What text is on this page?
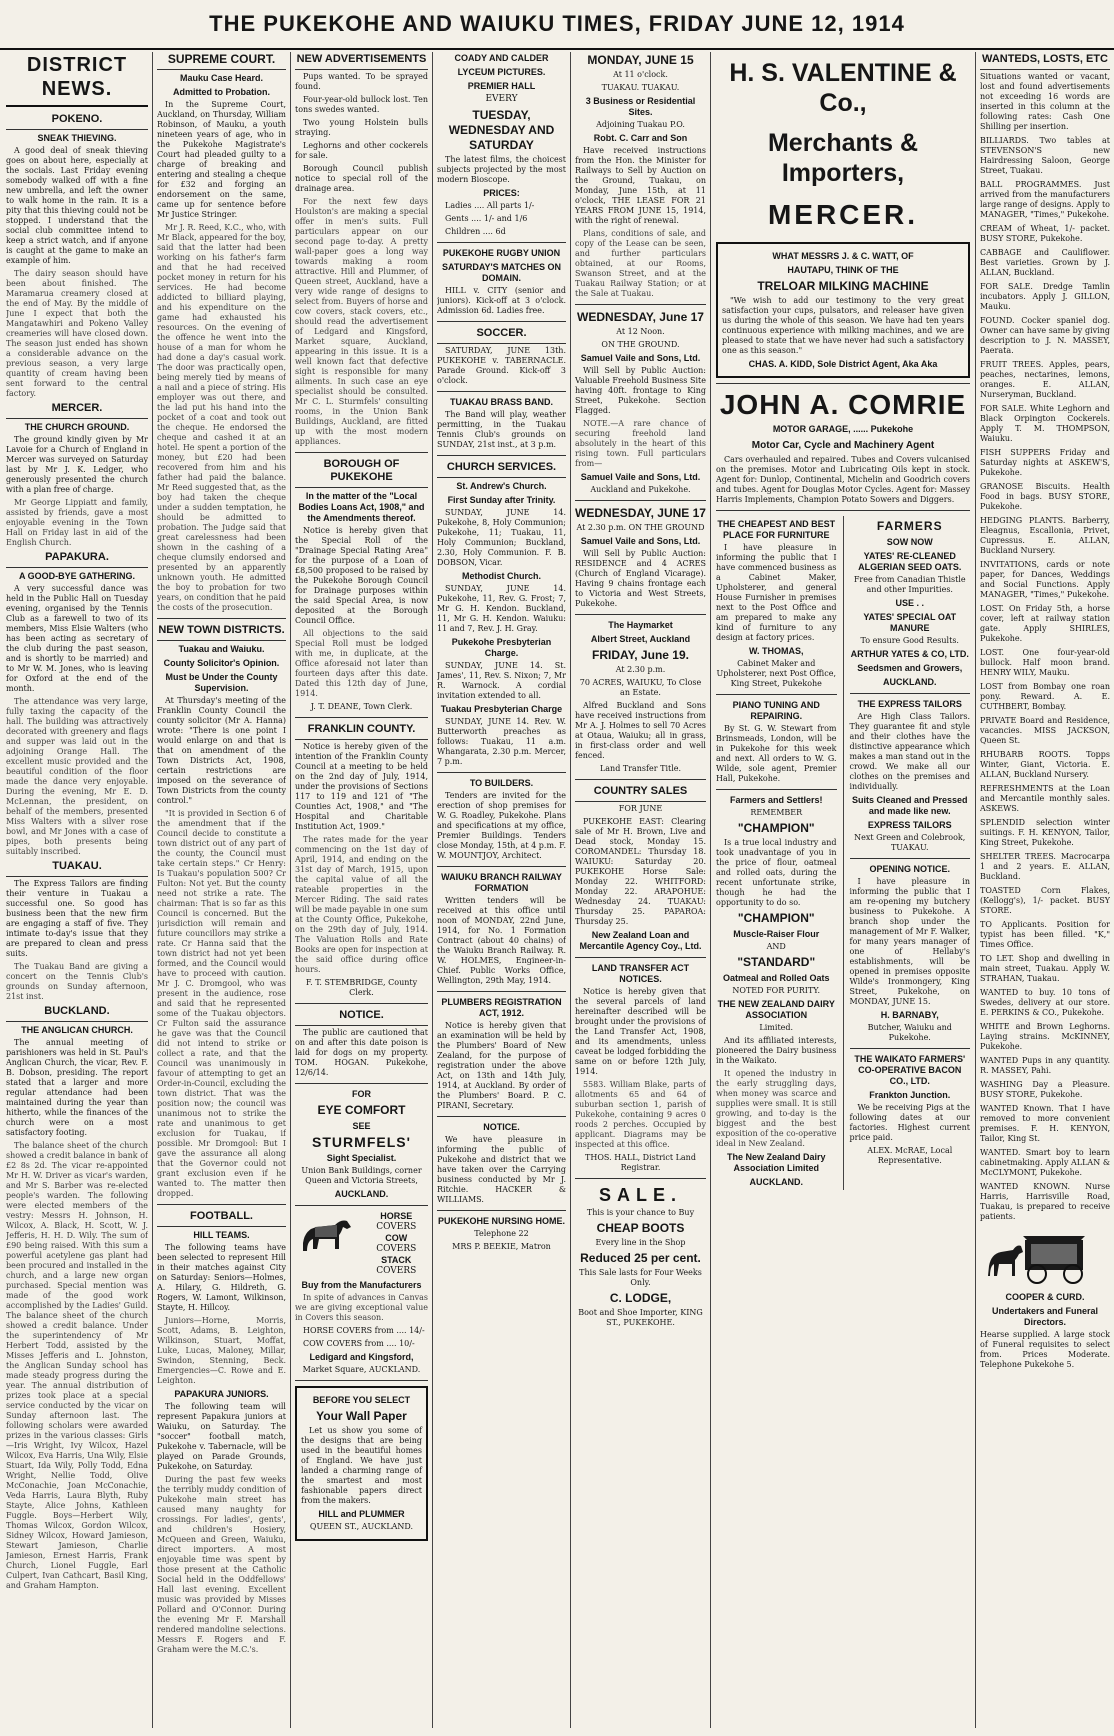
THE PUKEKOHE AND WAIUKU TIMES, FRIDAY JUNE 12, 1914
DISTRICT NEWS.
POKENO.
SNEAK THIEVING.

A good deal of sneak thieving goes on about here, especially at the socials. Last Friday evening somebody walked off with a fine new umbrella, and left the owner to walk home in the rain. It is a pity that this thieving could not be stopped. I understand that the social club committee intend to keep a strict watch, and if anyone is caught at the game to make an example of him.

The dairy season should have been about finished. The Maramarua creamery closed at the end of May. By the middle of June I expect that both the Mangatawhiri and Pokeno Valley creameries will have closed down. The season just ended has shown a considerable advance on the previous season, a very large quantity of cream having been sent forward to the central factory.

MERCER.
THE CHURCH GROUND.

The ground kindly given by Mr Lavoie for a Church of England in Mercer was surveyed on Saturday last by Mr J. K. Ledger, who generously presented the church with a plan free of charge.

Mr George Lippiatt and family, assisted by friends, gave a most enjoyable evening in the Town Hall on Friday last in aid of the English Church.

PAPAKURA.
A GOOD-BYE GATHERING.

A very successful dance was held in the Public Hall on Tuesday evening, organised by the Tennis Club as a farewell to two of its members, Miss Elsie Walters (who has been acting as secretary of the club during the past season, and is shortly to be married) and to Mr W. M. Jones, who is leaving for Oxford at the end of the month.

The attendance was very large, fully taxing the capacity of the hall. The building was attractively decorated with greenery and flags and supper was laid out in the adjoining Orange Hall. The excellent music provided and the beautiful condition of the floor made the dance very enjoyable. During the evening, Mr E. D. McLennan, the president, on behalf of the members, presented Miss Walters with a silver rose bowl, and Mr Jones with a case of pipes, both presents being suitably inscribed.

TUAKAU.

The Express Tailors are finding their venture in Tuakau a successful one. So good has business been that the new firm are engaging a staff of five. They intimate to-day's issue that they are prepared to clean and press suits.

The Tuakau Band are giving a concert on the Tennis Club's grounds on Sunday afternoon, 21st inst.

BUCKLAND.
THE ANGLICAN CHURCH.

The annual meeting of parishioners was held in St. Paul's Anglican Church, the vicar, Rev. F. B. Dobson, presiding. The report stated that a larger and more regular attendance had been maintained during the year than hitherto, while the finances of the church were on a most satisfactory footing.

The balance sheet of the church showed a credit balance in bank of £2 8s 2d. The vicar re-appointed Mr H. W. Driver as vicar's warden, and Mr S. Barber was re-elected people's warden. The following were elected members of the vestry: Messrs H. Johnson, H. Wilcox, A. Black, H. Scott, W. J. Jefferis, H. H. D. Wily. The sum of £90 being raised. With this sum a powerful acetylene gas plant had been procured and installed in the church, and a large new organ purchased. Special mention was made of the good work accomplished by the Ladies' Guild. The balance sheet of the church showed a credit balance. Under the superintendency of Mr Herbert Todd, assisted by the Misses Jefferis and L. Johnston, the Anglican Sunday school has made steady progress during the year. The annual distribution of prizes took place at a special service conducted by the vicar on Sunday afternoon last. The following scholars were awarded prizes in the various classes: Girls—Iris Wright, Ivy Wilcox, Hazel Wilcox, Eva Harris, Una Wily, Elsie Stuart, Ida Wily, Polly Todd, Edna Wright, Nellie Todd, Olive McConachie, Joan McConachie, Veda Harris, Laura Blyth, Ruby Stayte, Alice Johns, Kathleen Fuggle. Boys—Herbert Wily, Thomas Wilcox, Gordon Wilcox, Sidney Wilcox, Howard Jamieson, Stewart Jamieson, Charlie Jamieson, Ernest Harris, Frank Church, Lionel Fuggle, Earl Culpert, Ivan Cathcart, Basil King, and Graham Hampton.

SUPREME COURT.
Mauku Case Heard.
Admitted to Probation.

In the Supreme Court, Auckland, on Thursday, William Robinson, of Mauku, a youth nineteen years of age, who in the Pukekohe Magistrate's Court had pleaded guilty to a charge of breaking and entering and stealing a cheque for £32 and forging an endorsement on the same, came up for sentence before Mr Justice Stringer.

Mr J. R. Reed, K.C., who, with Mr Black, appeared for the boy, said that the latter had been working on his father's farm and that he had received pocket money in return for his services. He had become addicted to billiard playing, and his expenditure on the game had exhausted his resources. On the evening of the offence he went into the house of a man for whom he had done a day's casual work. The door was practically open, being merely tied by means of a nail and a piece of string. His employer was out there, and the lad put his hand into the pocket of a coat and took out the cheque. He endorsed the cheque and cashed it at an hotel. He spent a portion of the money, but £20 had been recovered from him and his father had paid the balance. Mr Reed suggested that, as the boy had taken the cheque under a sudden temptation, he should be admitted to probation. The Judge said that great carelessness had been shown in the cashing of a cheque clumsily endorsed and presented by an apparently unknown youth. He admitted the boy to probation for two years, on condition that he paid the costs of the prosecution.

NEW TOWN DISTRICTS.
Tuakau and Waiuku.
County Solicitor's Opinion.
Must be Under the County Supervision.

At Thursday's meeting of the Franklin County Council the county solicitor (Mr A. Hanna) wrote: "There is one point I would enlarge on and that is that on amendment of the Town Districts Act, 1908, certain restrictions are imposed on the severance of Town Districts from the county control."

"It is provided in Section 6 of the amendment that if the Council decide to constitute a town district out of any part of the county, the Council must take certain steps." Cr Henry: Is Tuakau's population 500? Cr Fulton: Not yet. But the county need not strike a rate. The chairman: That is so far as this Council is concerned. But the jurisdiction will remain and future councillors may strike a rate. Cr Hanna said that the town district had not yet been formed, and the Council would have to proceed with caution. Mr J. C. Dromgool, who was present in the audience, rose and said that he represented some of the Tuakau objectors. Cr Fulton said the assurance he gave was that the Council did not intend to strike or collect a rate, and that the Council was unanimously in favour of attempting to get an Order-in-Council, excluding the town district. That was the position now; the council was unanimous not to strike the rate and unanimous to get exclusion for Tuakau, if possible. Mr Dromgool: But I gave the assurance all along that the Governor could not grant exclusion even if he wanted to. The matter then dropped.

FOOTBALL.
HILL TEAMS.

The following teams have been selected to represent Hill in their matches against City on Saturday: Seniors—Holmes, A. Hilary, G. Hildreth, G. Rogers, W. Lamont, Wilkinson, Stayte, H. Hillcoy.

Juniors—Horne, Morris, Scott, Adams, B. Leighton, Wilkinson, Stuart, Moffat, Luke, Lucas, Maloney, Millar, Swindon, Stenning, Beck. Emergencies—C. Rowe and E. Leighton.

PAPAKURA JUNIORS.

The following team will represent Papakura juniors at Waiuku, on Saturday. The "soccer" football match, Pukekohe v. Tabernacle, will be played on Parade Grounds, Pukekohe, on Saturday.

During the past few weeks the terribly muddy condition of Pukekohe main street has caused many naughty for crossings. For ladies', gents', and children's Hosiery, McQueen and Green, Waiuku, direct importers. A most enjoyable time was spent by those present at the Catholic Social held in the Oddfellows' Hall last evening. Excellent music was provided by Misses Pollard and O'Connor. During the evening Mr F. Marshall rendered mandoline selections. Messrs F. Rogers and F. Graham were the M.C.'s.

NEW ADVERTISEMENTS

Pups wanted. To be sprayed found.

Four-year-old bullock lost. Ten tons swedes wanted.

Two young Holstein bulls straying.

Leghorns and other cockerels for sale.

Borough Council publish notice to special roll of the drainage area.

For the next few days Houlston's are making a special offer in men's suits. Full particulars appear on our second page to-day. A pretty wall-paper goes a long way towards making a room attractive. Hill and Plummer, of Queen street, Auckland, have a very wide range of designs to select from. Buyers of horse and cow covers, stack covers, etc., should read the advertisement of Ledgard and Kingsford, Market square, Auckland, appearing in this issue. It is a well known fact that defective sight is responsible for many ailments. In such case an eye specialist should be consulted. Mr C. L. Sturmfels' consulting rooms, in the Union Bank Buildings, Auckland, are fitted up with the most modern appliances.

BOROUGH OF PUKEKOHE
In the matter of the "Local Bodies Loans Act, 1908," and the Amendments thereof.

Notice is hereby given that the Special Roll of the "Drainage Special Rating Area" for the purpose of a Loan of £8,500 proposed to be raised by the Pukekohe Borough Council for Drainage purposes within the said Special Area, is now deposited at the Borough Council Office.

All objections to the said Special Roll must be lodged with me, in duplicate, at the Office aforesaid not later than fourteen days after this date. Dated this 12th day of June, 1914.

J. T. DEANE, Town Clerk.

FRANKLIN COUNTY.

Notice is hereby given of the intention of the Franklin County Council at a meeting to be held on the 2nd day of July, 1914, under the provisions of Sections 117 to 119 and 121 of "The Counties Act, 1908," and "The Hospital and Charitable Institution Act, 1909."

The rates made for the year commencing on the 1st day of April, 1914, and ending on the 31st day of March, 1915, upon the capital value of all the rateable properties in the Mercer Riding. The said rates will be made payable in one sum at the County Office, Pukekohe, on the 29th day of July, 1914. The Valuation Rolls and Rate Books are open for inspection at the said office during office hours.

F. T. STEMBRIDGE, County Clerk.

NOTICE.

The public are cautioned that on and after this date poison is laid for dogs on my property. TOM. HOGAN. Pukekohe, 12/6/14.

FOR
EYE COMFORT
SEE
STURMFELS'
Sight Specialist.

Union Bank Buildings, corner Queen and Victoria Streets,

AUCKLAND.
HORSE
COVERS
COW
COVERS
STACK
COVERS
Buy from the Manufacturers

In spite of advances in Canvas we are giving exceptional value in Covers this season.

HORSE COVERS from .... 14/-

COW COVERS from .... 10/-

Ledigard and Kingsford,

Market Square, AUCKLAND.

BEFORE YOU SELECT
Your Wall Paper

Let us show you some of the designs that are being used in the beautiful homes of England. We have just landed a charming range of the smartest and most fashionable papers direct from the makers.

HILL and PLUMMER

QUEEN ST., AUCKLAND.

COADY AND CALDER
LYCEUM PICTURES.
PREMIER HALL
EVERY
TUESDAY, WEDNESDAY AND SATURDAY

The latest films, the choicest subjects projected by the most modern Bioscope.

PRICES:

Ladies .... All parts 1/-

Gents .... 1/- and 1/6

Children .... 6d

PUKEKOHE RUGBY UNION
SATURDAY'S MATCHES ON DOMAIN.

HILL v. CITY (senior and juniors). Kick-off at 3 o'clock. Admission 6d. Ladies free.

SOCCER.

SATURDAY, JUNE 13th. PUKEKOHE v. TABERNACLE. Parade Ground. Kick-off 3 o'clock.

TUAKAU BRASS BAND.

The Band will play, weather permitting, in the Tuakau Tennis Club's grounds on SUNDAY, 21st inst., at 3 p.m.

CHURCH SERVICES.
St. Andrew's Church.
First Sunday after Trinity.

SUNDAY, JUNE 14. Pukekohe, 8, Holy Communion; Pukekohe, 11; Tuakau, 11, Holy Communion; Buckland, 2.30, Holy Communion. F. B. DOBSON, Vicar.

Methodist Church.

SUNDAY, JUNE 14. Pukekohe, 11, Rev. G. Frost; 7, Mr G. H. Kendon. Buckland, 11, Mr G. H. Kendon. Waiuku: 11 and 7, Rev. J. H. Gray.

Pukekohe Presbyterian Charge.

SUNDAY, JUNE 14. St. James', 11, Rev. S. Nixon; 7, Mr R. Warnock. A cordial invitation extended to all.

Tuakau Presbyterian Charge

SUNDAY, JUNE 14. Rev. W. Butterworth preaches as follows: Tuakau, 11 a.m. Whangarata, 2.30 p.m. Mercer, 7 p.m.

TO BUILDERS.

Tenders are invited for the erection of shop premises for W. G. Roadley, Pukekohe. Plans and specifications at my office, Premier Buildings. Tenders close Monday, 15th, at 4 p.m. F. W. MOUNTJOY, Architect.

WAIUKU BRANCH RAILWAY FORMATION

Written tenders will be received at this office until noon of MONDAY, 22nd June, 1914, for No. 1 Formation Contract (about 40 chains) of the Waiuku Branch Railway. R. W. HOLMES, Engineer-in-Chief. Public Works Office, Wellington, 29th May, 1914.

PLUMBERS REGISTRATION ACT, 1912.

Notice is hereby given that an examination will be held by the Plumbers' Board of New Zealand, for the purpose of registration under the above Act, on 13th and 14th July, 1914, at Auckland. By order of the Plumbers' Board. P. C. PIRANI, Secretary.

NOTICE.

We have pleasure in informing the public of Pukekohe and district that we have taken over the Carrying business conducted by Mr J. Ritchie. HACKER & WILLIAMS.

PUKEKOHE NURSING HOME.

Telephone 22

MRS P. BEEKIE, Matron

MONDAY, JUNE 15

At 11 o'clock.

TUAKAU. TUAKAU.

3 Business or Residential Sites.

Adjoining Tuakau P.O.

Robt. C. Carr and Son

Have received instructions from the Hon. the Minister for Railways to Sell by Auction on the Ground, Tuakau, on Monday, June 15th, at 11 o'clock, THE LEASE FOR 21 YEARS FROM JUNE 15, 1914, with the right of renewal.

Plans, conditions of sale, and copy of the Lease can be seen, and further particulars obtained, at our Rooms, Swanson Street, and at the Tuakau Railway Station; or at the Sale at Tuakau.

WEDNESDAY, June 17

At 12 Noon.

ON THE GROUND.

Samuel Vaile and Sons, Ltd.

Will Sell by Public Auction: Valuable Freehold Business Site having 40ft. frontage to King Street, Pukekohe. Section Flagged.

NOTE.—A rare chance of securing freehold land absolutely in the heart of this rising town. Full particulars from—

Samuel Vaile and Sons, Ltd.

Auckland and Pukekohe.

WEDNESDAY, JUNE 17

At 2.30 p.m. ON THE GROUND

Samuel Vaile and Sons, Ltd.

Will Sell by Public Auction: RESIDENCE and 4 ACRES (Church of England Vicarage). Having 9 chains frontage each to Victoria and West Streets, Pukekohe.

The Haymarket
Albert Street, Auckland
FRIDAY, June 19.

At 2.30 p.m.

70 ACRES, WAIUKU, To Close an Estate.

Alfred Buckland and Sons have received instructions from Mr A. J. Holmes to sell 70 Acres at Otaua, Waiuku; all in grass, in first-class order and well fenced.

Land Transfer Title.

COUNTRY SALES

FOR JUNE

PUKEKOHE EAST: Clearing sale of Mr H. Brown, Live and Dead stock, Monday 15. COROMANDEL: Thursday 18. WAIUKU: Saturday 20. PUKEKOHE Horse Sale: Monday 22. WHITFORD: Monday 22. ARAPOHUE: Wednesday 24. TUAKAU: Thursday 25. PAPAROA: Thursday 25.

New Zealand Loan and Mercantile Agency Coy., Ltd.
LAND TRANSFER ACT NOTICES.

Notice is hereby given that the several parcels of land hereinafter described will be brought under the provisions of the Land Transfer Act, 1908, and its amendments, unless caveat be lodged forbidding the same on or before 12th July, 1914.

5583. William Blake, parts of allotments 65 and 64 of suburban section 1, parish of Pukekohe, containing 9 acres 0 roods 2 perches. Occupied by applicant. Diagrams may be inspected at this office.

THOS. HALL, District Land Registrar.

SALE.

This is your chance to Buy

CHEAP BOOTS

Every line in the Shop

Reduced 25 per cent.

This Sale lasts for Four Weeks Only.

C. LODGE,

Boot and Shoe Importer, KING ST., PUKEKOHE.

H. S. VALENTINE & Co.,
Merchants & Importers,
MERCER.
WHAT MESSRS J. & C. WATT, OF
HAUTAPU, THINK OF THE
TRELOAR MILKING MACHINE

"We wish to add our testimony to the very great satisfaction your cups, pulsators, and releaser have given us during the whole of this season. We have had ten years continuous experience with milking machines, and we are pleased to state that we have never had such a satisfactory one as this season."

CHAS. A. KIDD, Sole District Agent, Aka Aka
JOHN A. COMRIE
MOTOR GARAGE, ...... Pukekohe
Motor Car, Cycle and Machinery Agent

Cars overhauled and repaired. Tubes and Covers vulcanised on the premises. Motor and Lubricating Oils kept in stock. Agent for: Dunlop, Continental, Michelin and Goodrich covers and tubes. Agent for Douglas Motor Cycles. Agent for: Massey Harris Implements, Champion Potato Sowers and Diggers.

THE CHEAPEST AND BEST PLACE FOR FURNITURE

I have pleasure in informing the public that I have commenced business as a Cabinet Maker, Upholsterer, and general House Furnisher in premises next to the Post Office and am prepared to make any kind of furniture to any design at factory prices.

W. THOMAS,

Cabinet Maker and Upholsterer, next Post Office, King Street, Pukekohe

PIANO TUNING AND REPAIRING.

By St. G. W. Stewart from Brinsmeads, London, will be in Pukekohe for this week and next. All orders to W. G. Wilde, sole agent, Premier Hall, Pukekohe.

Farmers and Settlers!

REMEMBER

"CHAMPION"

Is a true local industry and took unadvantage of you in the price of flour, oatmeal and rolled oats, during the recent unfortunate strike, though he had the opportunity to do so.

"CHAMPION"
Muscle-Raiser Flour

AND

"STANDARD"
Oatmeal and Rolled Oats

NOTED FOR PURITY.

THE NEW ZEALAND DAIRY ASSOCIATION

Limited.

And its affiliated interests, pioneered the Dairy business in the Waikato.

It opened the industry in the early struggling days, when money was scarce and supplies were small. It is still growing, and to-day is the biggest and the best exposition of the co-operative ideal in New Zealand.

The New Zealand Dairy Association Limited
AUCKLAND.
FARMERS
SOW NOW
YATES' RE-CLEANED ALGERIAN SEED OATS.

Free from Canadian Thistle and other Impurities.

USE . .
YATES' SPECIAL OAT MANURE

To ensure Good Results.

ARTHUR YATES & CO, LTD.
Seedsmen and Growers,
AUCKLAND.
THE EXPRESS TAILORS

Are High Class Tailors. They guarantee fit and style and their clothes have the distinctive appearance which makes a man stand out in the crowd. We make all our clothes on the premises and individually.

Suits Cleaned and Pressed and made like new.
EXPRESS TAILORS

Next Green and Colebrook, TUAKAU.

OPENING NOTICE.

I have pleasure in informing the public that I am re-opening my butchery business to Pukekohe. A branch shop under the management of Mr F. Walker, for many years manager of one of Hellaby's establishments, will be opened in premises opposite Wilde's Ironmongery, King Street, Pukekohe, on MONDAY, JUNE 15.

H. BARNABY,

Butcher, Waiuku and Pukekohe.

THE WAIKATO FARMERS' CO-OPERATIVE BACON CO., LTD.
Frankton Junction.

We be receiving Pigs at the following dates at our factories. Highest current price paid.

ALEX. McRAE, Local Representative.

WANTEDS, LOSTS, ETC

Situations wanted or vacant, lost and found advertisements not exceeding 16 words are inserted in this column at the following rates: Cash One Shilling per insertion.

BILLIARDS. Two tables at STEVENSON'S new Hairdressing Saloon, George Street, Tuakau.

BALL PROGRAMMES. Just arrived from the manufacturers large range of designs. Apply to MANAGER, "Times," Pukekohe.

CREAM of Wheat, 1/- packet. BUSY STORE, Pukekohe.

CABBAGE and Cauliflower. Best varieties. Grown by J. ALLAN, Buckland.

FOR SALE. Dredge Tamlin incubators. Apply J. GILLON, Mauku.

FOUND. Cocker spaniel dog. Owner can have same by giving description to J. N. MASSEY, Paerata.

FRUIT TREES. Apples, pears, peaches, nectarines, lemons, oranges. E. ALLAN, Nurseryman, Buckland.

FOR SALE. White Leghorn and Black Orpington Cockerels. Apply T. M. THOMPSON, Waiuku.

FISH SUPPERS Friday and Saturday nights at ASKEW'S, Pukekohe.

GRANOSE Biscuits. Health Food in bags. BUSY STORE, Pukekohe.

HEDGING PLANTS. Barberry, Eleagnus, Escallonia, Privet, Cupressus. E. ALLAN, Buckland Nursery.

INVITATIONS, cards or note paper, for Dances, Weddings and Social Functions. Apply MANAGER, "Times," Pukekohe.

LOST. On Friday 5th, a horse cover, left at railway station gate. Apply SHIRLES, Pukekohe.

LOST. One four-year-old bullock. Half moon brand. HENRY WILY, Mauku.

LOST from Bombay one roan pony. Reward. A. E. CUTHBERT, Bombay.

PRIVATE Board and Residence, vacancies. MISS JACKSON, Queen St.

RHUBARB ROOTS. Topps Winter, Giant, Victoria. E. ALLAN, Buckland Nursery.

REFRESHMENTS at the Loan and Mercantile monthly sales. ASKEWS.

SPLENDID selection winter suitings. F. H. KENYON, Tailor, King Street, Pukekohe.

SHELTER TREES. Macrocarpa 1 and 2 years. E. ALLAN, Buckland.

TOASTED Corn Flakes, (Kellogg's), 1/- packet. BUSY STORE.

TO Applicants. Position for typist has been filled. "K," Times Office.

TO LET. Shop and dwelling in main street, Tuakau. Apply W. STRAHAN, Tuakau.

WANTED to buy. 10 tons of Swedes, delivery at our store. E. PERKINS & CO., Pukekohe.

WHITE and Brown Leghorns. Laying strains. McKINNEY, Pukekohe.

WANTED Pups in any quantity. R. MASSEY, Pahi.

WASHING Day a Pleasure. BUSY STORE, Pukekohe.

WANTED Known. That I have removed to more convenient premises. F. H. KENYON, Tailor, King St.

WANTED. Smart boy to learn cabinetmaking. Apply ALLAN & McCLYMONT, Pukekohe.

WANTED KNOWN. Nurse Harris, Harrisville Road, Tuakau, is prepared to receive patients.

COOPER & CURD.
Undertakers and Funeral Directors.

Hearse supplied. A large stock of Funeral requisites to select from. Prices Moderate. Telephone Pukekohe 5.
